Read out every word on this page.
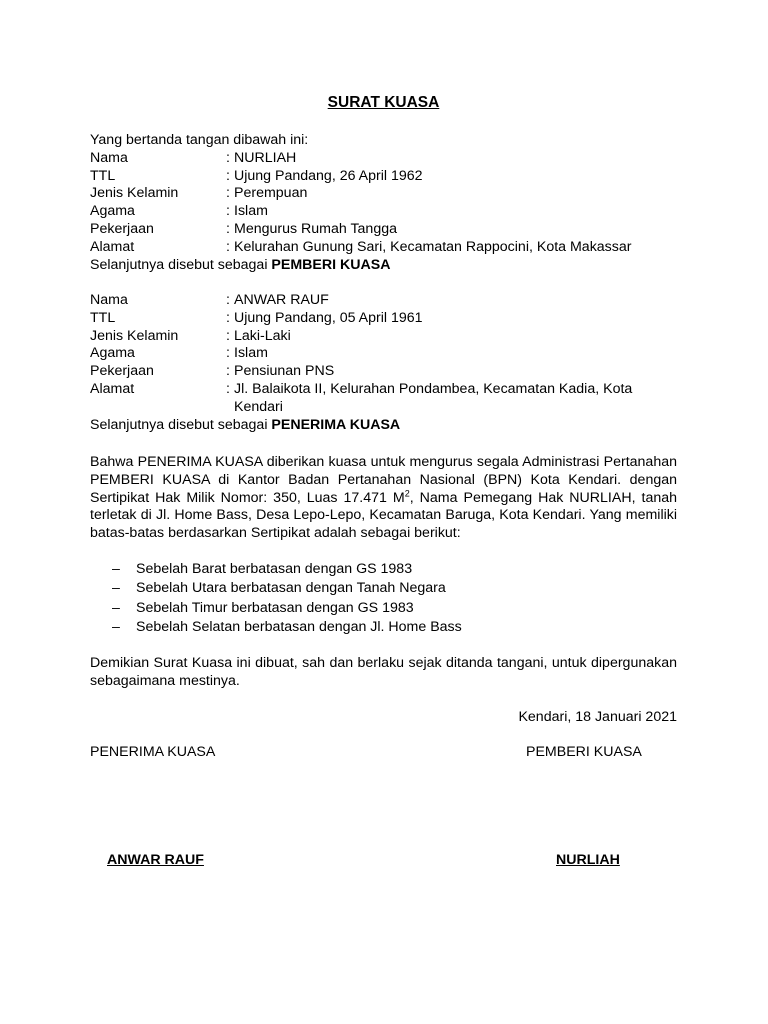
SURAT KUASA
Yang bertanda tangan dibawah ini:
Nama	: NURLIAH
TTL	: Ujung Pandang, 26 April 1962
Jenis Kelamin	: Perempuan
Agama	: Islam
Pekerjaan	: Mengurus Rumah Tangga
Alamat	: Kelurahan Gunung Sari, Kecamatan Rappocini, Kota Makassar
Selanjutnya disebut sebagai PEMBERI KUASA
Nama	: ANWAR RAUF
TTL	: Ujung Pandang, 05 April 1961
Jenis Kelamin	: Laki-Laki
Agama	: Islam
Pekerjaan	: Pensiunan PNS
Alamat	: Jl. Balaikota II, Kelurahan Pondambea, Kecamatan Kadia, Kota Kendari
Selanjutnya disebut sebagai PENERIMA KUASA
Bahwa PENERIMA KUASA diberikan kuasa untuk mengurus segala Administrasi Pertanahan PEMBERI KUASA di Kantor Badan Pertanahan Nasional (BPN) Kota Kendari. dengan Sertipikat Hak Milik Nomor: 350, Luas 17.471 $M^2$, Nama Pemegang Hak NURLIAH, tanah terletak di Jl. Home Bass, Desa Lepo-Lepo, Kecamatan Baruga, Kota Kendari. Yang memiliki batas-batas berdasarkan Sertipikat adalah sebagai berikut:
–	Sebelah Barat berbatasan dengan GS 1983
–	Sebelah Utara berbatasan dengan Tanah Negara
–	Sebelah Timur berbatasan dengan GS 1983
–	Sebelah Selatan berbatasan dengan Jl. Home Bass
Demikian Surat Kuasa ini dibuat, sah dan berlaku sejak ditanda tangani, untuk dipergunakan sebagaimana mestinya.
Kendari, 18 Januari 2021
PENERIMA KUASA	PEMBERI KUASA
ANWAR RAUF	NURLIAH
